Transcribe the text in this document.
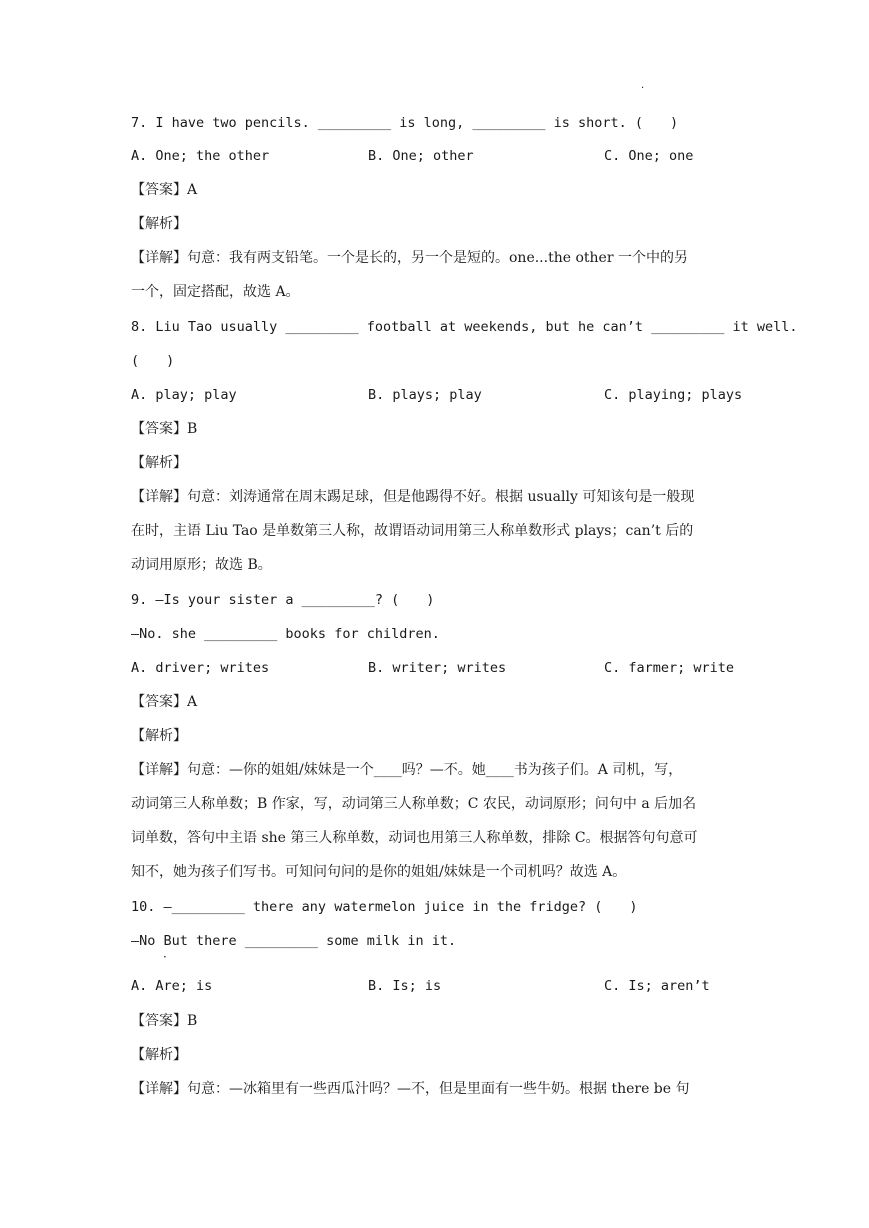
·
7. I have two pencils. _________ is long, _________ is short. (　　)
A. One; the other	B. One; other	C. One; one
【答案】A
【解析】
【详解】句意：我有两支铅笔。一个是长的，另一个是短的。one...the other 一个中的另
一个，固定搭配，故选 A。
8. Liu Tao usually _________ football at weekends, but he can’t _________ it well.
(　　)
A. play; play	B. plays; play	C. playing; plays
【答案】B
【解析】
【详解】句意：刘涛通常在周末踢足球，但是他踢得不好。根据 usually 可知该句是一般现
在时，主语 Liu Tao 是单数第三人称，故谓语动词用第三人称单数形式 plays；can’t 后的
动词用原形；故选 B。
9. —Is your sister a _________? (　　)
—No. she _________ books for children.
A. driver; writes	B. writer; writes	C. farmer; write
【答案】A
【解析】
【详解】句意：—你的姐姐/妹妹是一个____吗？—不。她____书为孩子们。A 司机，写，
动词第三人称单数；B 作家，写，动词第三人称单数；C 农民，动词原形；问句中 a 后加名
词单数，答句中主语 she 第三人称单数，动词也用第三人称单数，排除 C。根据答句句意可
知不，她为孩子们写书。可知问句问的是你的姐姐/妹妹是一个司机吗？故选 A。
10. —_________ there any watermelon juice in the fridge? (　　)
—No But there _________ some milk in it.
·
A. Are; is	B. Is; is	C. Is; aren’t
【答案】B
【解析】
【详解】句意：—冰箱里有一些西瓜汁吗？—不，但是里面有一些牛奶。根据 there be 句
